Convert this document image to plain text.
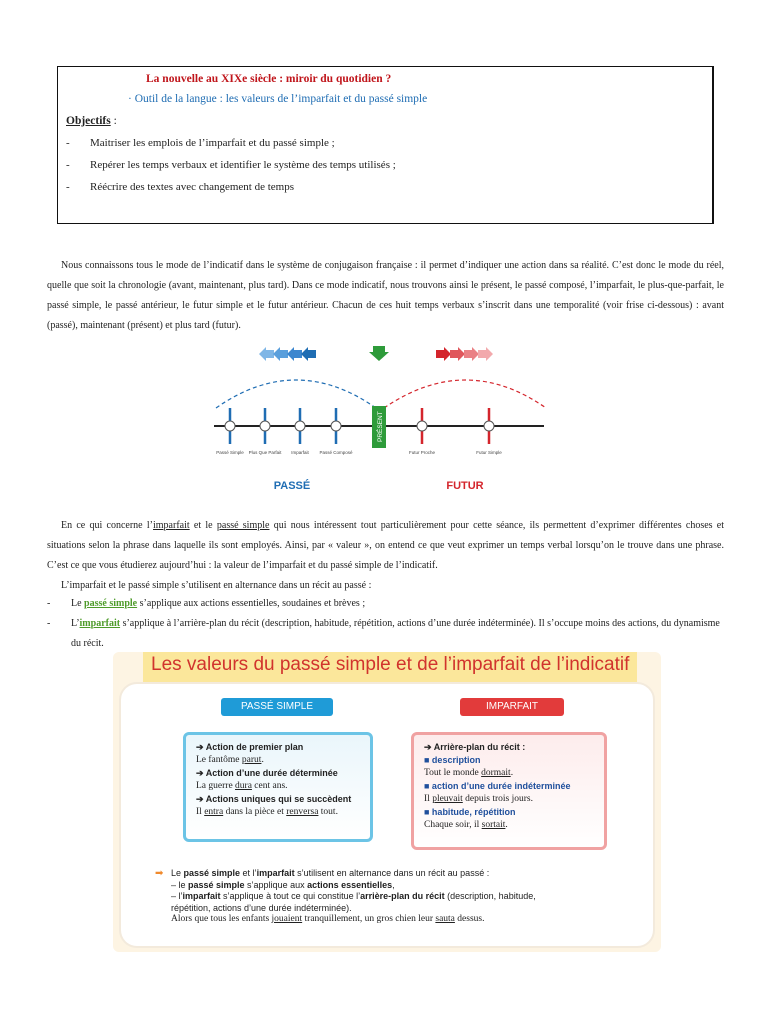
La nouvelle au XIXe siècle : miroir du quotidien ?
· Outil de la langue : les valeurs de l’imparfait et du passé simple
Objectifs :
-	Maitriser les emplois de l’imparfait et du passé simple ;
-	Repérer les temps verbaux et identifier le système des temps utilisés ;
-	Réécrire des textes avec changement de temps

Nous connaissons tous le mode de l’indicatif dans le système de conjugaison française : il permet d’indiquer une action dans sa réalité. C’est donc le mode du réel, quelle que soit la chronologie (avant, maintenant, plus tard). Dans ce mode indicatif, nous trouvons ainsi le présent, le passé composé, l’imparfait, le plus-que-parfait, le passé simple, le passé antérieur, le futur simple et le futur antérieur. Chacun de ces huit temps verbaux s’inscrit dans une temporalité (voir frise ci-dessous) : avant (passé), maintenant (présent) et plus tard (futur).

PRÉSENT
Passé Simple Plus Que Parfait Imparfait Passé Composé	Futur Proche	Futur Simple
PASSÉ	FUTUR

En ce qui concerne l’imparfait et le passé simple qui nous intéressent tout particulièrement pour cette séance, ils permettent d’exprimer différentes choses et situations selon la phrase dans laquelle ils sont employés. Ainsi, par « valeur », on entend ce que veut exprimer un temps verbal lorsqu’on le trouve dans une phrase. C’est ce que vous étudierez aujourd’hui : la valeur de l’imparfait et du passé simple de l’indicatif.

L’imparfait et le passé simple s’utilisent en alternance dans un récit au passé :

-	Le passé simple s’applique aux actions essentielles, soudaines et brèves ;
-	L’imparfait s’applique à l’arrière-plan du récit (description, habitude, répétition, actions d’une durée indéterminée). Il s’occupe moins des actions, du dynamisme du récit.
Les valeurs du passé simple et de l’imparfait de l’indicatif
PASSÉ SIMPLE	IMPARFAIT
➔ Action de premier plan
Le fantôme parut.
➔ Action d’une durée déterminée
La guerre dura cent ans.
➔ Actions uniques qui se succèdent
Il entra dans la pièce et renversa tout.
➔ Arrière-plan du récit :
■ description
Tout le monde dormait.
■ action d’une durée indéterminée
Il pleuvait depuis trois jours.
■ habitude, répétition
Chaque soir, il sortait.
➡ Le passé simple et l’imparfait s’utilisent en alternance dans un récit au passé :
– le passé simple s’applique aux actions essentielles,
– l’imparfait s’applique à tout ce qui constitue l’arrière-plan du récit (description, habitude,
répétition, actions d’une durée indéterminée).
Alors que tous les enfants jouaient tranquillement, un gros chien leur sauta dessus.
